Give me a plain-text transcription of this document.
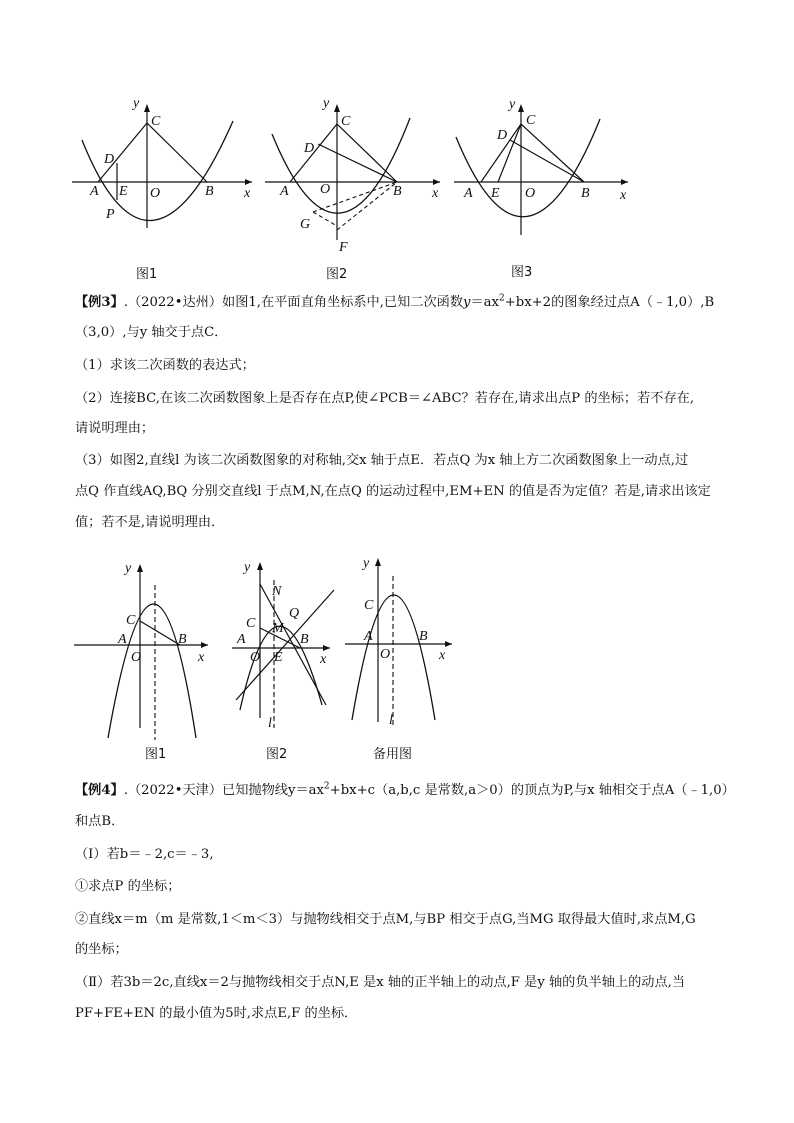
y
x
C
D
A E O	B
P
图1
y
x
C
D
A O	B
G
F
图2
y
x
C
D
A E O	B
图3
【例3】.（2022•达州）如图1,在平面直角坐标系中,已知二次函数$y=ax^2+bx+2$的图象经过点A（﹣1,0）,B
（3,0）,与y 轴交于点C．
（1）求该二次函数的表达式；
（2）连接BC,在该二次函数图象上是否存在点P,使∠PCB＝∠ABC？若存在,请求出点P 的坐标；若不存在,
请说明理由；
（3）如图2,直线l 为该二次函数图象的对称轴,交x 轴于点E．若点Q 为x 轴上方二次函数图象上一动点,过
点Q 作直线AQ,BQ 分别交直线l 于点M,N,在点Q 的运动过程中,EM+EN 的值是否为定值？若是,请求出该定
值；若不是,请说明理由．
y
x
C
A	B
O
图1
y
x
N
Q
C M
A	B
O E
l
图2
y
x
C
A	B
O
l
备用图
【例4】.（2022•天津）已知抛物线$y=ax^2+bx+c(a,b,c$ 是常数,a＞0）的顶点为P,与x 轴相交于点A（﹣1,0）
和点B．
（Ⅰ）若b＝﹣2,c＝﹣3,
①求点P 的坐标；
②直线x＝m（m 是常数,1＜m＜3）与抛物线相交于点M,与BP 相交于点G,当MG 取得最大值时,求点M,G
的坐标；
（Ⅱ）若3b＝2c,直线x＝2与抛物线相交于点N,E 是x 轴的正半轴上的动点,F 是y 轴的负半轴上的动点,当
PF+FE+EN 的最小值为5时,求点E,F 的坐标．
